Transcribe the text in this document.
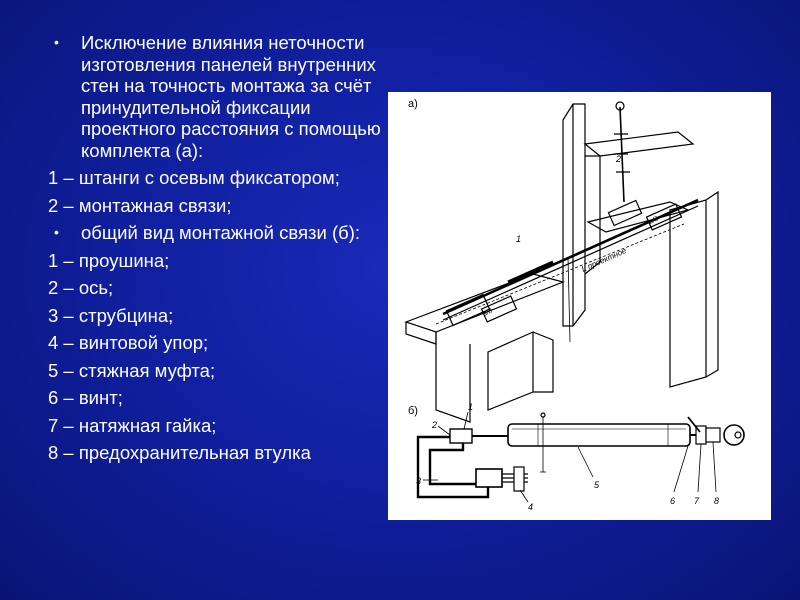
• Исключение влияния неточности изготовления панелей внутренних стен на точность монтажа за счёт принудительной фиксации проектного расстояния с помощью комплекта (а):
1 – штанги с осевым фиксатором;
2 – монтажная связи;
• общий вид монтажной связи (б):
1 – проушина;
2 – ось;
3 – струбцина;
4 – винтовой упор;
5 – стяжная муфта;
6 – винт;
7 – натяжная гайка;
8 – предохранительная втулка
а)
1
2
L проектное
в/д
в/д
б)	1
2
3
4
5
6 7 8
